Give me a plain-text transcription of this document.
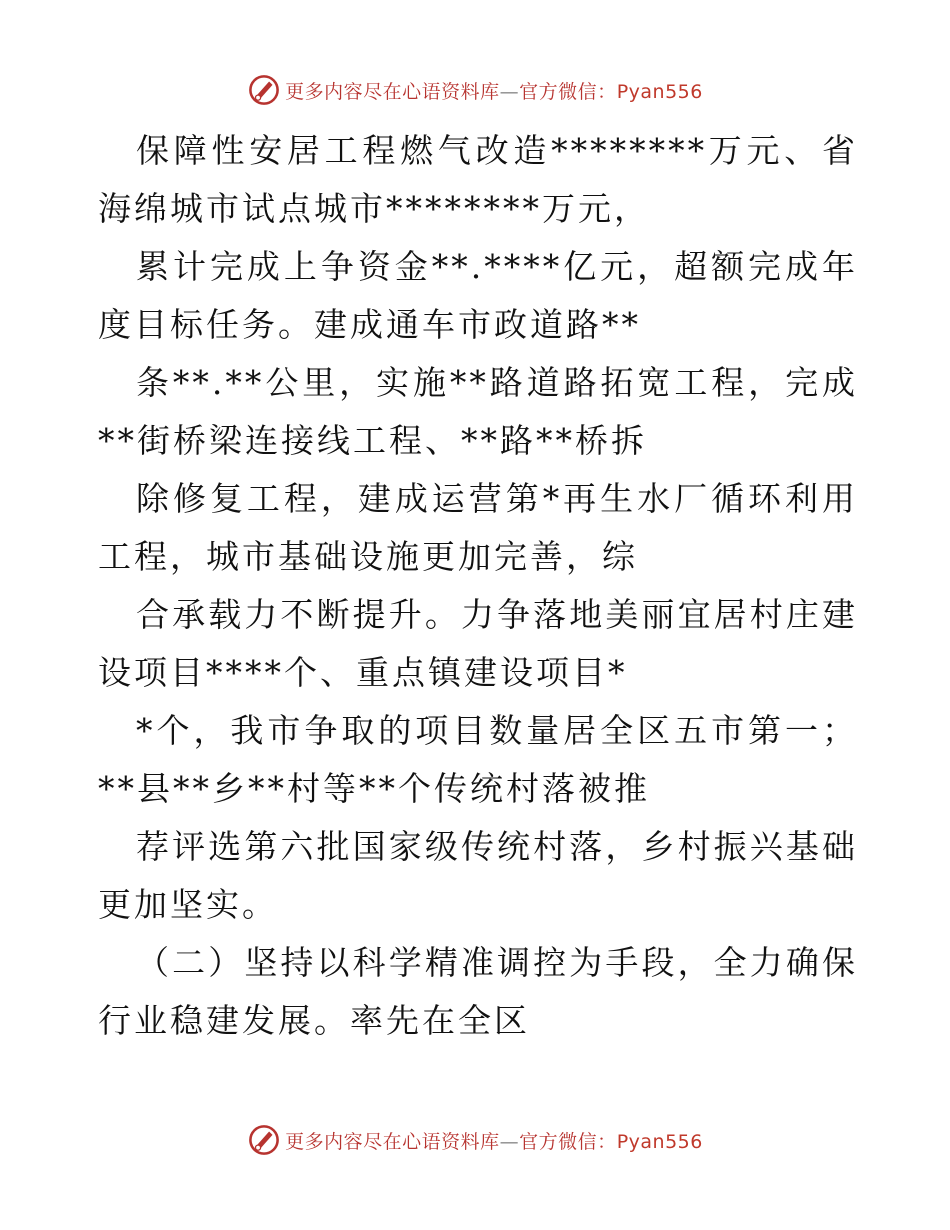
更多内容尽在心语资料库—官方微信：Pyan556

保障性安居工程燃气改造********万元、省海绵城市试点城市********万元，

累计完成上争资金**.****亿元，超额完成年度目标任务。建成通车市政道路**

条**.**公里，实施**路道路拓宽工程，完成**街桥梁连接线工程、**路**桥拆

除修复工程，建成运营第*再生水厂循环利用工程，城市基础设施更加完善，综

合承载力不断提升。力争落地美丽宜居村庄建设项目****个、重点镇建设项目*

*个，我市争取的项目数量居全区五市第一；**县**乡**村等**个传统村落被推

荐评选第六批国家级传统村落，乡村振兴基础更加坚实。

（二）坚持以科学精准调控为手段，全力确保行业稳建发展。率先在全区

更多内容尽在心语资料库—官方微信：Pyan556
